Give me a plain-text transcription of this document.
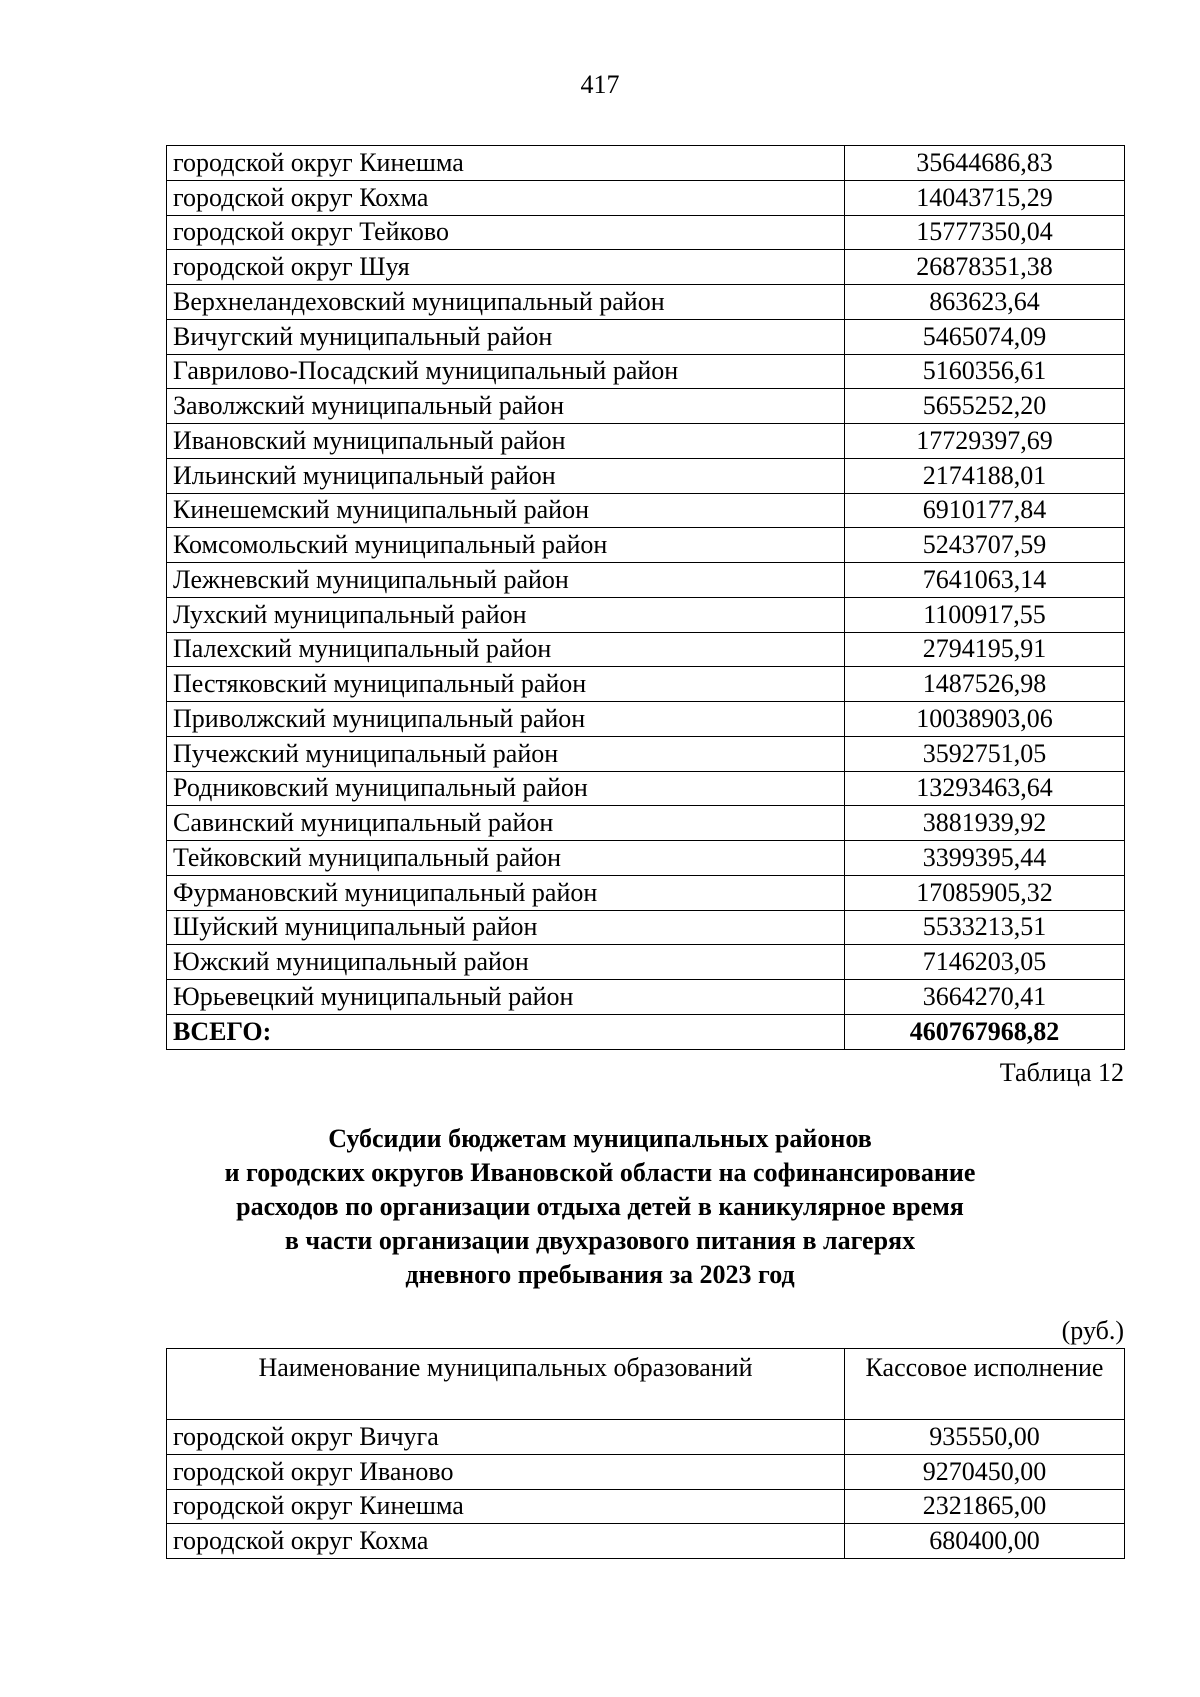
417
городской округ Кинешма	35644686,83
городской округ Кохма	14043715,29
городской округ Тейково	15777350,04
городской округ Шуя	26878351,38
Верхнеландеховский муниципальный район	863623,64
Вичугский муниципальный район	5465074,09
Гаврилово-Посадский муниципальный район	5160356,61
Заволжский муниципальный район	5655252,20
Ивановский муниципальный район	17729397,69
Ильинский муниципальный район	2174188,01
Кинешемский муниципальный район	6910177,84
Комсомольский муниципальный район	5243707,59
Лежневский муниципальный район	7641063,14
Лухский муниципальный район	1100917,55
Палехский муниципальный район	2794195,91
Пестяковский муниципальный район	1487526,98
Приволжский муниципальный район	10038903,06
Пучежский муниципальный район	3592751,05
Родниковский муниципальный район	13293463,64
Савинский муниципальный район	3881939,92
Тейковский муниципальный район	3399395,44
Фурмановский муниципальный район	17085905,32
Шуйский муниципальный район	5533213,51
Южский муниципальный район	7146203,05
Юрьевецкий муниципальный район	3664270,41
ВСЕГО:	460767968,82
Таблица 12
Субсидии бюджетам муниципальных районов
и городских округов Ивановской области на софинансирование
расходов по организации отдыха детей в каникулярное время
в части организации двухразового питания в лагерях
дневного пребывания за 2023 год
(руб.)
Наименование муниципальных образований	Кассовое исполнение
городской округ Вичуга	935550,00
городской округ Иваново	9270450,00
городской округ Кинешма	2321865,00
городской округ Кохма	680400,00
